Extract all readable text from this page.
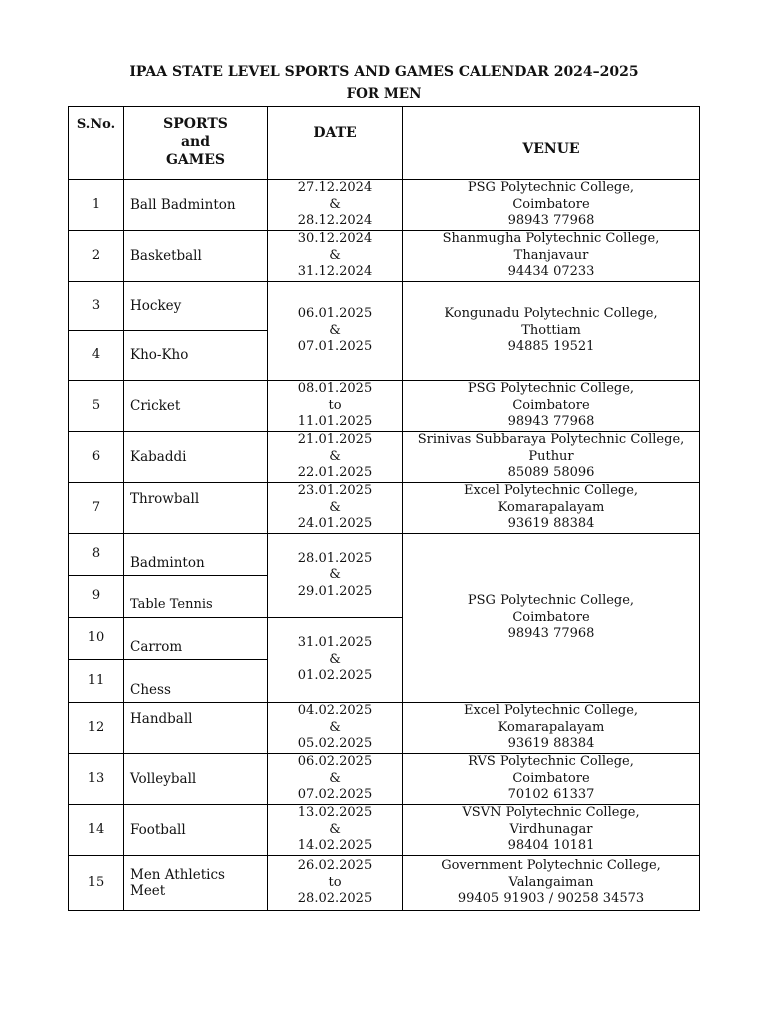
IPAA STATE LEVEL SPORTS AND GAMES CALENDAR 2024–2025
FOR MEN
S.No.	SPORTS
and
GAMES	DATE	VENUE
1	Ball Badminton	27.12.2024
&
28.12.2024	PSG Polytechnic College,
Coimbatore
98943 77968

2	Basketball	30.12.2024
&
31.12.2024	Shanmugha Polytechnic College,
Thanjavaur
94434 07233

3	Hockey	06.01.2025
&
07.01.2025	Kongunadu Polytechnic College,
Thottiam
94885 19521

4	Kho-Kho		
5	Cricket	08.01.2025
to
11.01.2025	PSG Polytechnic College,
Coimbatore
98943 77968

6	Kabaddi	21.01.2025
&
22.01.2025	Srinivas Subbaraya Polytechnic College,
Puthur
85089 58096

7	Throwball	23.01.2025
&
24.01.2025	Excel Polytechnic College,
Komarapalayam
93619 88384

8	Badminton	28.01.2025
&
29.01.2025	PSG Polytechnic College,
Coimbatore
98943 77968

9	Table Tennis		
10	Carrom	31.01.2025
&
01.02.2025	

11	Chess		
12	Handball	04.02.2025
&
05.02.2025	Excel Polytechnic College,
Komarapalayam
93619 88384

13	Volleyball	06.02.2025
&
07.02.2025	RVS Polytechnic College,
Coimbatore
70102 61337

14	Football	13.02.2025
&
14.02.2025	VSVN Polytechnic College,
Virdhunagar
98404 10181

15	Men Athletics
Meet	26.02.2025
to
28.02.2025	Government Polytechnic College,
Valangaiman
99405 91903 / 90258 34573
